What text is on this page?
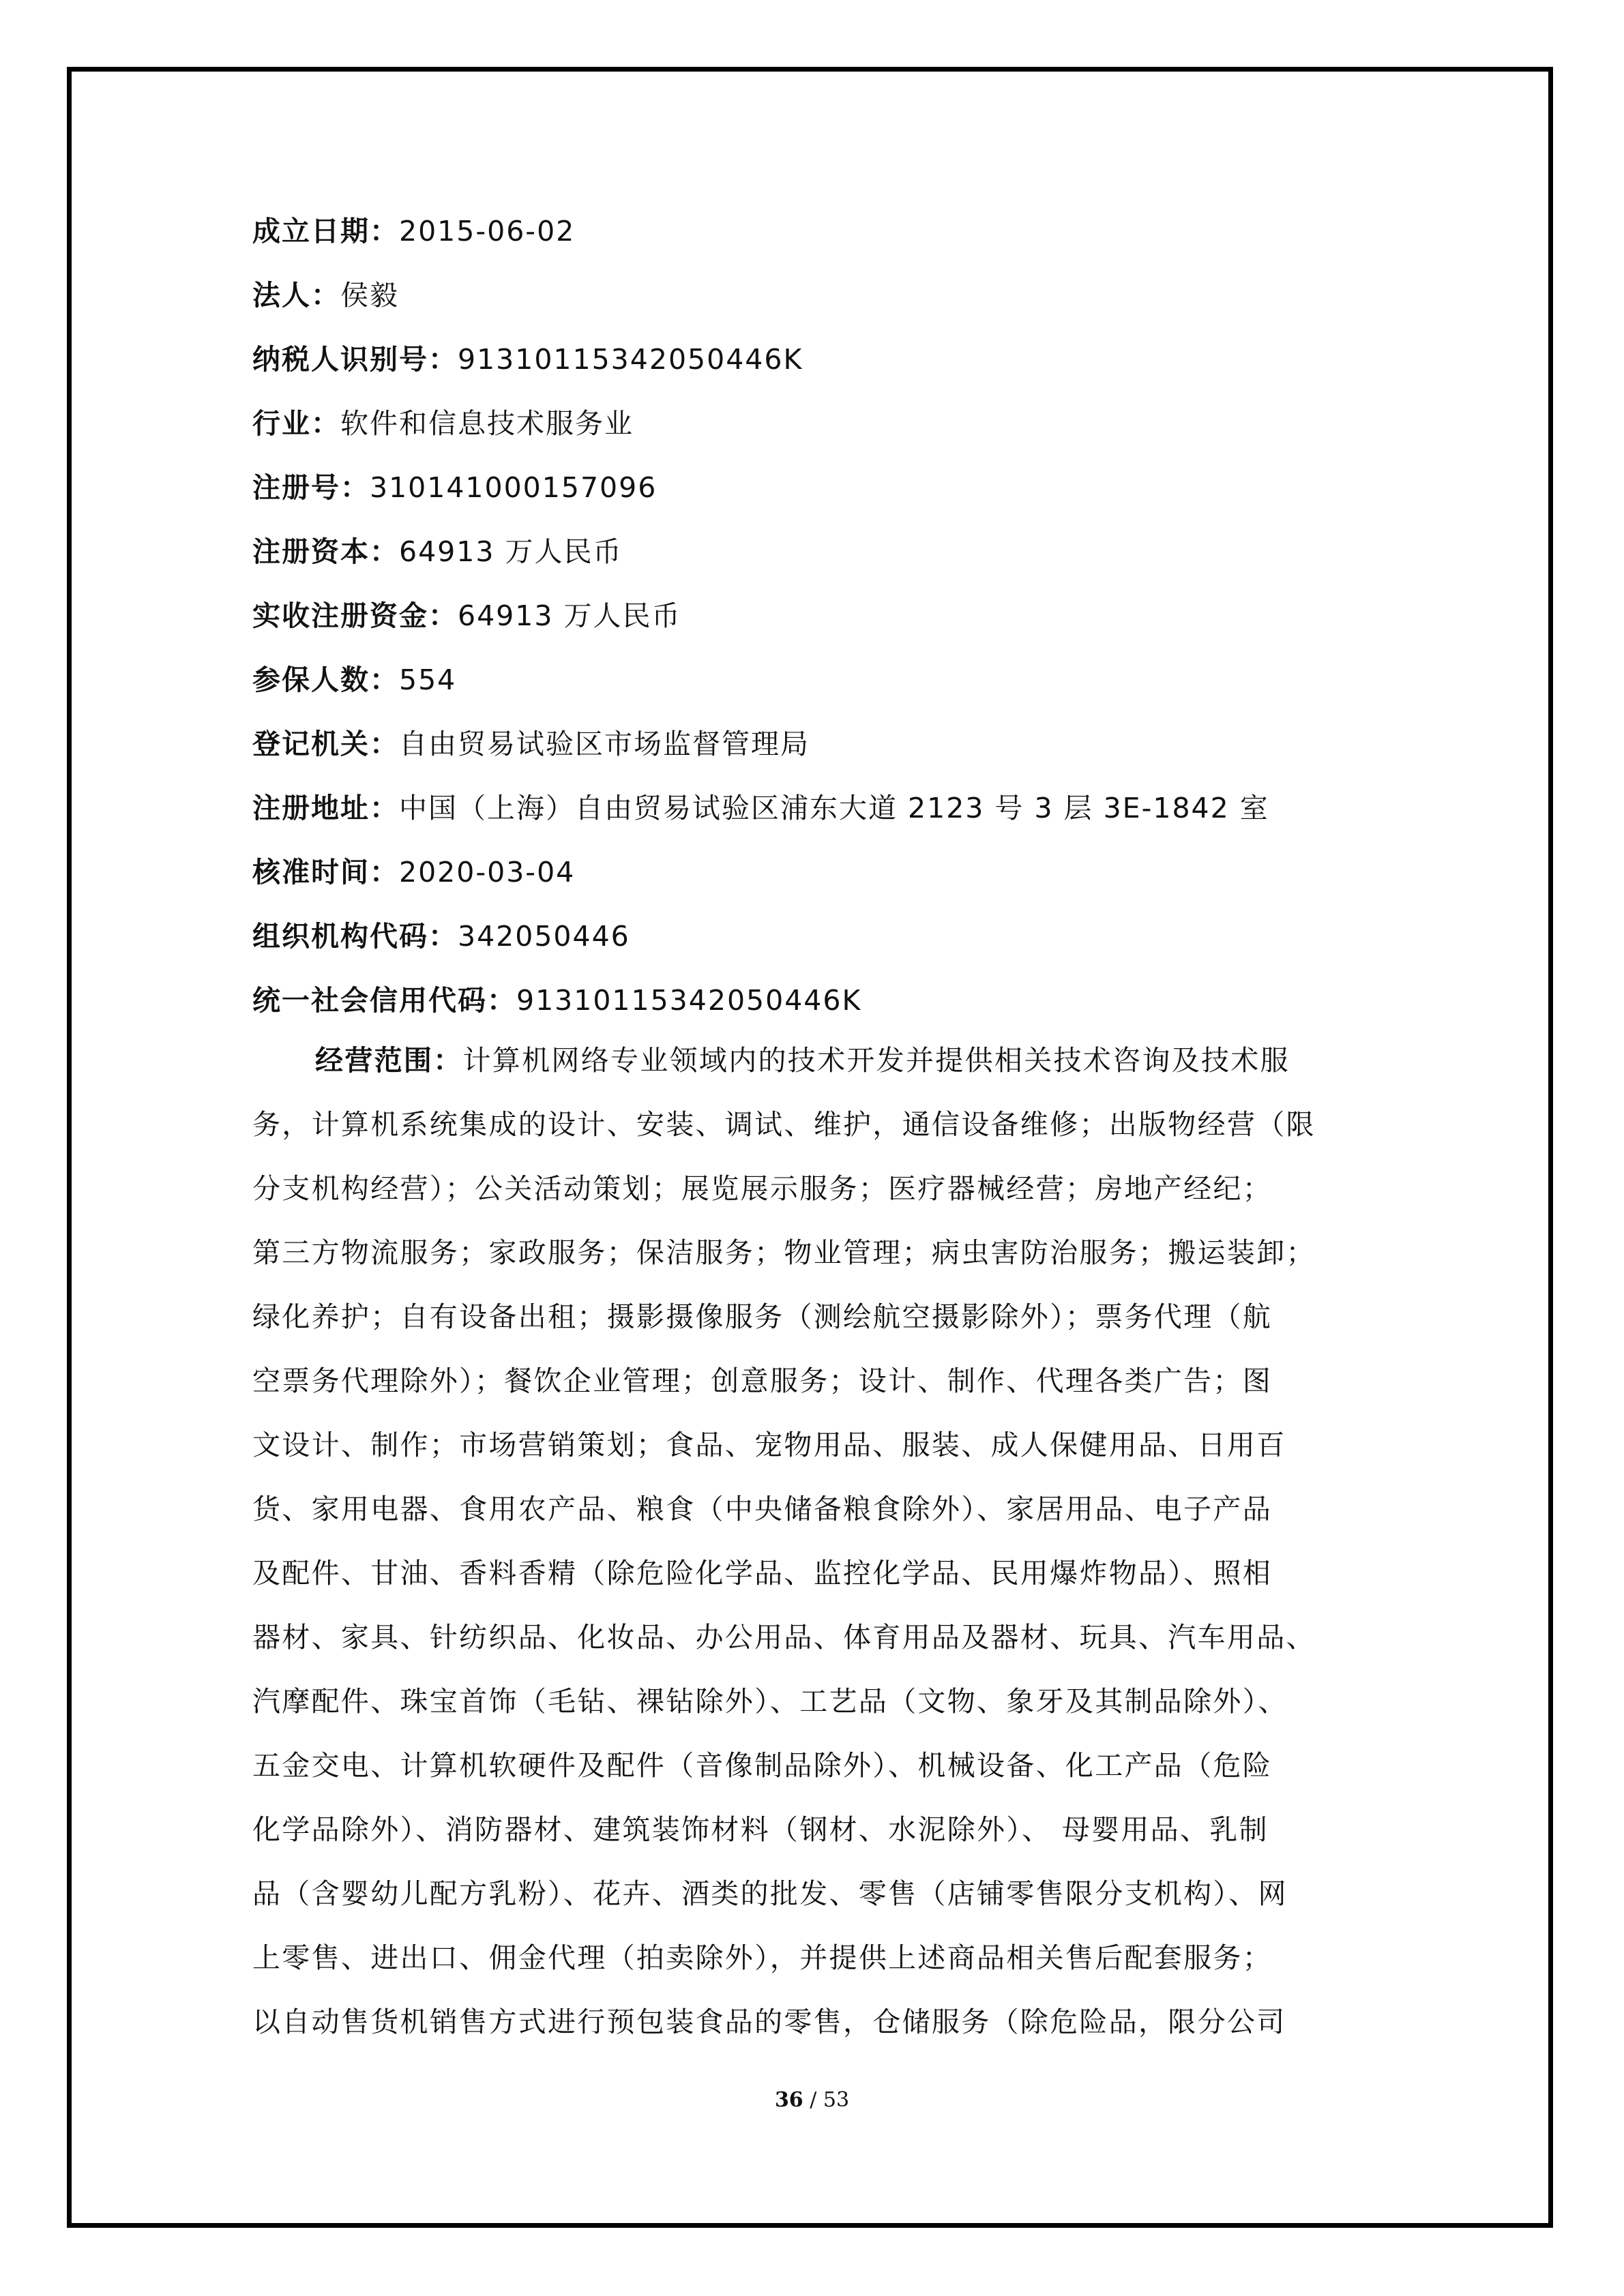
成立日期：2015-06-02
法人：侯毅
纳税人识别号：91310115342050446K
行业：软件和信息技术服务业
注册号：310141000157096
注册资本：64913 万人民币
实收注册资金：64913 万人民币
参保人数：554
登记机关：自由贸易试验区市场监督管理局
注册地址：中国（上海）自由贸易试验区浦东大道 2123 号 3 层 3E-1842 室
核准时间：2020-03-04
组织机构代码：342050446
统一社会信用代码：91310115342050446K
经营范围：计算机网络专业领域内的技术开发并提供相关技术咨询及技术服
务，计算机系统集成的设计、安装、调试、维护，通信设备维修；出版物经营（限
分支机构经营）；公关活动策划；展览展示服务；医疗器械经营；房地产经纪；
第三方物流服务；家政服务；保洁服务；物业管理；病虫害防治服务；搬运装卸；
绿化养护；自有设备出租；摄影摄像服务（测绘航空摄影除外）；票务代理（航
空票务代理除外）；餐饮企业管理；创意服务；设计、制作、代理各类广告；图
文设计、制作；市场营销策划；食品、宠物用品、服装、成人保健用品、日用百
货、家用电器、食用农产品、粮食（中央储备粮食除外）、家居用品、电子产品
及配件、甘油、香料香精（除危险化学品、监控化学品、民用爆炸物品）、照相
器材、家具、针纺织品、化妆品、办公用品、体育用品及器材、玩具、汽车用品、
汽摩配件、珠宝首饰（毛钻、裸钻除外）、工艺品（文物、象牙及其制品除外）、
五金交电、计算机软硬件及配件（音像制品除外）、机械设备、化工产品（危险
化学品除外）、消防器材、建筑装饰材料（钢材、水泥除外）、 母婴用品、乳制
品（含婴幼儿配方乳粉）、花卉、酒类的批发、零售（店铺零售限分支机构）、网
上零售、进出口、佣金代理（拍卖除外），并提供上述商品相关售后配套服务；
以自动售货机销售方式进行预包装食品的零售，仓储服务（除危险品，限分公司
36 / 53
